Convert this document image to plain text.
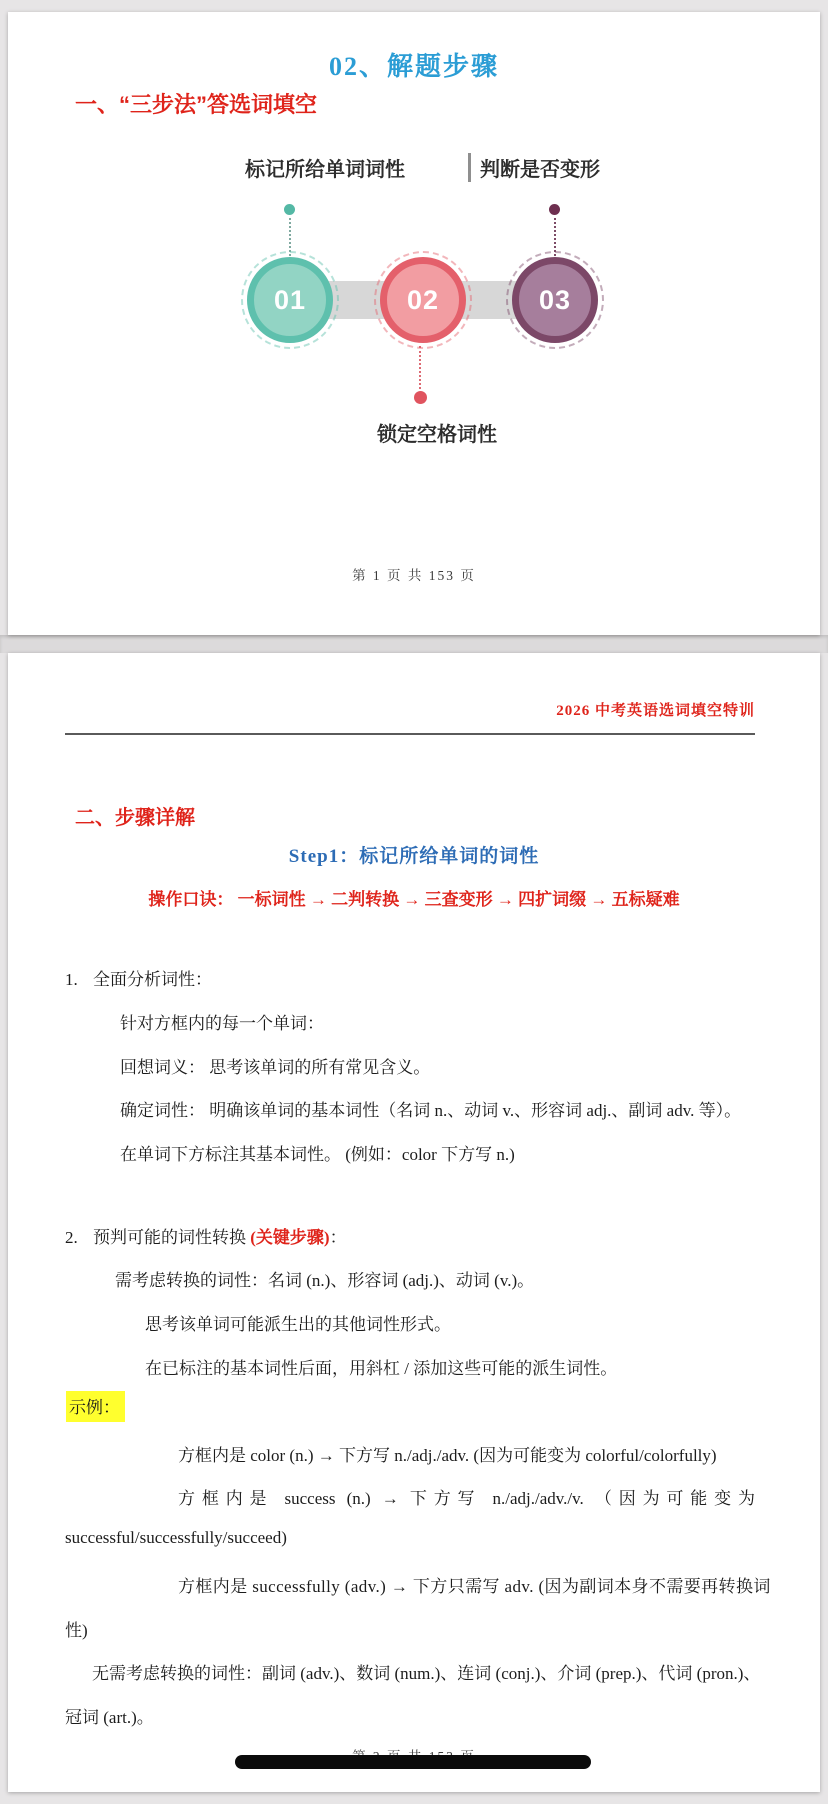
02、解题步骤
一、“三步法”答选词填空
标记所给单词词性	判断是否变形
01	02	03
锁定空格词性
第 1 页 共 153 页
2026 中考英语选词填空特训
二、步骤详解
Step1：标记所给单词的词性
操作口诀： 一标词性 → 二判转换 → 三查变形 → 四扩词缀 → 五标疑难
1. 全面分析词性：
针对方框内的每一个单词：
回想词义： 思考该单词的所有常见含义。
确定词性： 明确该单词的基本词性（名词 n.、动词 v.、形容词 adj.、副词 adv. 等）。
在单词下方标注其基本词性。 (例如：color 下方写 n.)
2. 预判可能的词性转换 (关键步骤)：
需考虑转换的词性：名词 (n.)、形容词 (adj.)、动词 (v.)。
思考该单词可能派生出的其他词性形式。
在已标注的基本词性后面，用斜杠 / 添加这些可能的派生词性。
示例：
方框内是 color (n.) → 下方写 n./adj./adv. (因为可能变为 colorful/colorfully)
方框内是 success (n.) → 下方写 n./adj./adv./v. （因为可能变为
successful/successfully/succeed)
方框内是 successfully (adv.) → 下方只需写 adv. (因为副词本身不需要再转换词
性)
无需考虑转换的词性：副词 (adv.)、数词 (num.)、连词 (conj.)、介词 (prep.)、代词 (pron.)、
冠词 (art.)。
